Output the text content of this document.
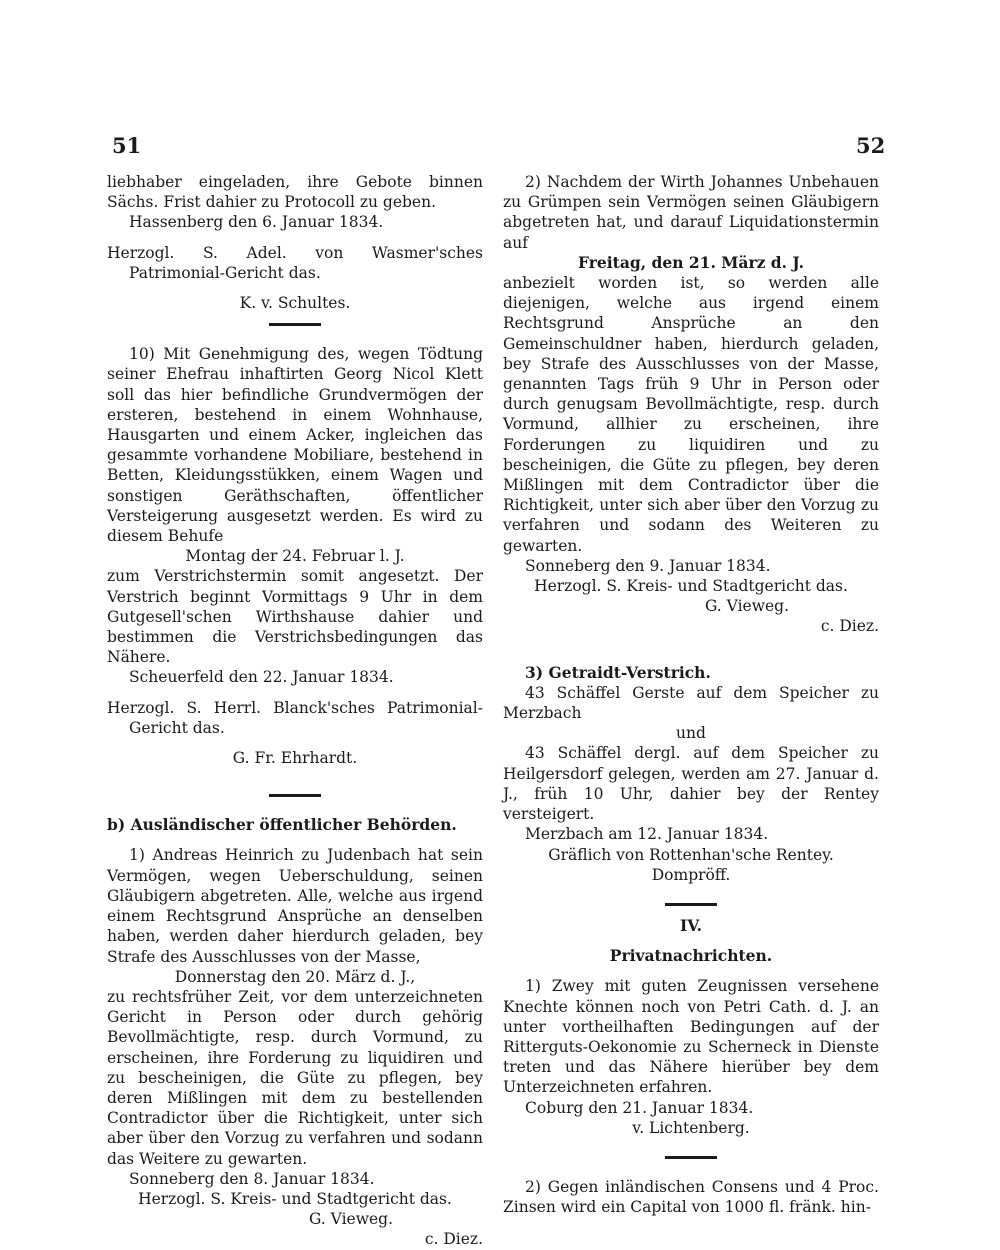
51	52

liebhaber eingeladen, ihre Gebote binnen Sächs. Frist dahier zu Protocoll zu geben.

Hassenberg den 6. Januar 1834.

Herzogl. S. Adel. von Wasmer'sches Patrimonial-Gericht das.

K. v. Schultes.

10) Mit Genehmigung des, wegen Tödtung seiner Ehefrau inhaftirten Georg Nicol Klett soll das hier befindliche Grundvermögen der ersteren, bestehend in einem Wohnhause, Hausgarten und einem Acker, ingleichen das gesammte vorhandene Mobiliare, bestehend in Betten, Kleidungsstükken, einem Wagen und sonstigen Geräthschaften, öffentlicher Versteigerung ausgesetzt werden. Es wird zu diesem Behufe

Montag der 24. Februar l. J.

zum Verstrichstermin somit angesetzt. Der Verstrich beginnt Vormittags 9 Uhr in dem Gutgesell'schen Wirthshause dahier und bestimmen die Verstrichsbedingungen das Nähere.

Scheuerfeld den 22. Januar 1834.

Herzogl. S. Herrl. Blanck'sches Patrimonial-Gericht das.

G. Fr. Ehrhardt.

b) Ausländischer öffentlicher Behörden.

1) Andreas Heinrich zu Judenbach hat sein Vermögen, wegen Ueberschuldung, seinen Gläubigern abgetreten. Alle, welche aus irgend einem Rechtsgrund Ansprüche an denselben haben, werden daher hierdurch geladen, bey Strafe des Ausschlusses von der Masse,

Donnerstag den 20. März d. J.,

zu rechtsfrüher Zeit, vor dem unterzeichneten Gericht in Person oder durch gehörig Bevollmächtigte, resp. durch Vormund, zu erscheinen, ihre Forderung zu liquidiren und zu bescheinigen, die Güte zu pflegen, bey deren Mißlingen mit dem zu bestellenden Contradictor über die Richtigkeit, unter sich aber über den Vorzug zu verfahren und sodann das Weitere zu gewarten.

Sonneberg den 8. Januar 1834.

Herzogl. S. Kreis- und Stadtgericht das.

G. Vieweg.

c. Diez.

2) Nachdem der Wirth Johannes Unbehauen zu Grümpen sein Vermögen seinen Gläubigern abgetreten hat, und darauf Liquidationstermin auf

Freitag, den 21. März d. J.

anbezielt worden ist, so werden alle diejenigen, welche aus irgend einem Rechtsgrund Ansprüche an den Gemeinschuldner haben, hierdurch geladen, bey Strafe des Ausschlusses von der Masse, genannten Tags früh 9 Uhr in Person oder durch genugsam Bevollmächtigte, resp. durch Vormund, allhier zu erscheinen, ihre Forderungen zu liquidiren und zu bescheinigen, die Güte zu pflegen, bey deren Mißlingen mit dem Contradictor über die Richtigkeit, unter sich aber über den Vorzug zu verfahren und sodann des Weiteren zu gewarten.

Sonneberg den 9. Januar 1834.

Herzogl. S. Kreis- und Stadtgericht das.

G. Vieweg.

c. Diez.

3) Getraidt-Verstrich.

43 Schäffel Gerste auf dem Speicher zu Merzbach

und

43 Schäffel dergl. auf dem Speicher zu Heilgersdorf gelegen, werden am 27. Januar d. J., früh 10 Uhr, dahier bey der Rentey versteigert.

Merzbach am 12. Januar 1834.

Gräflich von Rottenhan'sche Rentey.

Dompröff.

IV.

Privatnachrichten.

1) Zwey mit guten Zeugnissen versehene Knechte können noch von Petri Cath. d. J. an unter vortheilhaften Bedingungen auf der Ritterguts-Oekonomie zu Scherneck in Dienste treten und das Nähere hierüber bey dem Unterzeichneten erfahren.

Coburg den 21. Januar 1834.

v. Lichtenberg.

2) Gegen inländischen Consens und 4 Proc. Zinsen wird ein Capital von 1000 fl. fränk. hin-
